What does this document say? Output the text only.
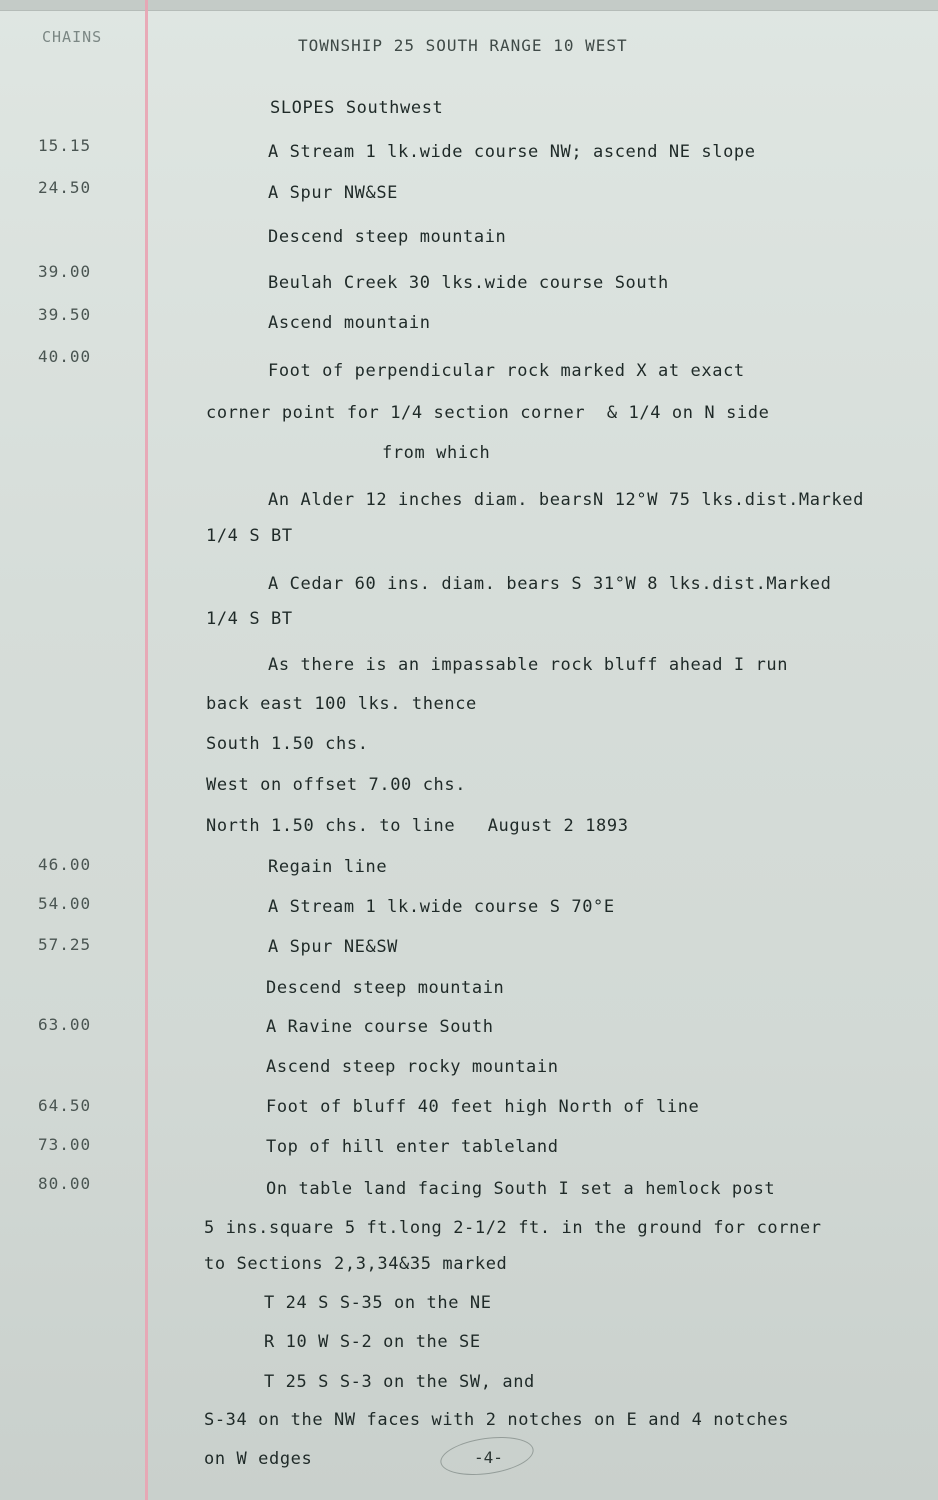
CHAINS	TOWNSHIP 25 SOUTH RANGE 10 WEST
15.15
24.50
39.00
39.50
40.00
46.00
54.00
57.25
63.00
64.50
73.00
80.00
SLOPES Southwest
A Stream 1 lk.wide course NW; ascend NE slope
A Spur NW&SE
Descend steep mountain
Beulah Creek 30 lks.wide course South
Ascend mountain
Foot of perpendicular rock marked X at exact
corner point for 1/4 section corner  & 1/4 on N side
from which
An Alder 12 inches diam. bearsN 12°W 75 lks.dist.Marked
1/4 S BT
A Cedar 60 ins. diam. bears S 31°W 8 lks.dist.Marked
1/4 S BT
As there is an impassable rock bluff ahead I run
back east 100 lks. thence
South 1.50 chs.
West on offset 7.00 chs.
North 1.50 chs. to line   August 2 1893
Regain line
A Stream 1 lk.wide course S 70°E
A Spur NE&SW
Descend steep mountain
A Ravine course South
Ascend steep rocky mountain
Foot of bluff 40 feet high North of line
Top of hill enter tableland
On table land facing South I set a hemlock post
5 ins.square 5 ft.long 2-1/2 ft. in the ground for corner
to Sections 2,3,34&35 marked
T 24 S S-35 on the NE
R 10 W S-2 on the SE
T 25 S S-3 on the SW, and
S-34 on the NW faces with 2 notches on E and 4 notches
on W edges	-4-
